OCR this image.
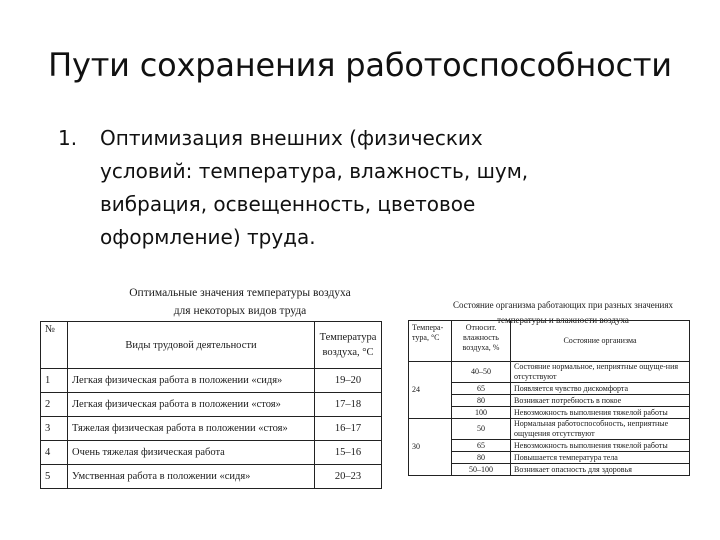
Пути сохранения работоспособности
1. Оптимизация внешних (физических условий: температура, влажность, шум, вибрация, освещенность, цветовое оформление) труда.
Оптимальные значения температуры воздуха
для некоторых видов труда
№	Виды трудовой деятельности	Температура воздуха, °С
1	Легкая физическая работа в положении «сидя»	19–20
2	Легкая физическая работа в положении «стоя»	17–18
3	Тяжелая физическая работа в положении «стоя»	16–17
4	Очень тяжелая физическая работа	15–16
5	Умственная работа в положении «сидя»	20–23
Состояние организма работающих при разных значениях
температуры и влажности воздуха
Темпера-тура, °С	Относит. влажность воздуха, %	Состояние организма
24	40–50	Состояние нормальное, неприятные ощуще-ния отсутствуют
	65	Появляется чувство дискомфорта
	80	Возникает потребность в покое
	100	Невозможность выполнения тяжелой работы
30	50	Нормальная работоспособность, неприятные ощущения отсутствуют
	65	Невозможность выполнения тяжелой работы
	80	Повышается температура тела
	50–100	Возникает опасность для здоровья
